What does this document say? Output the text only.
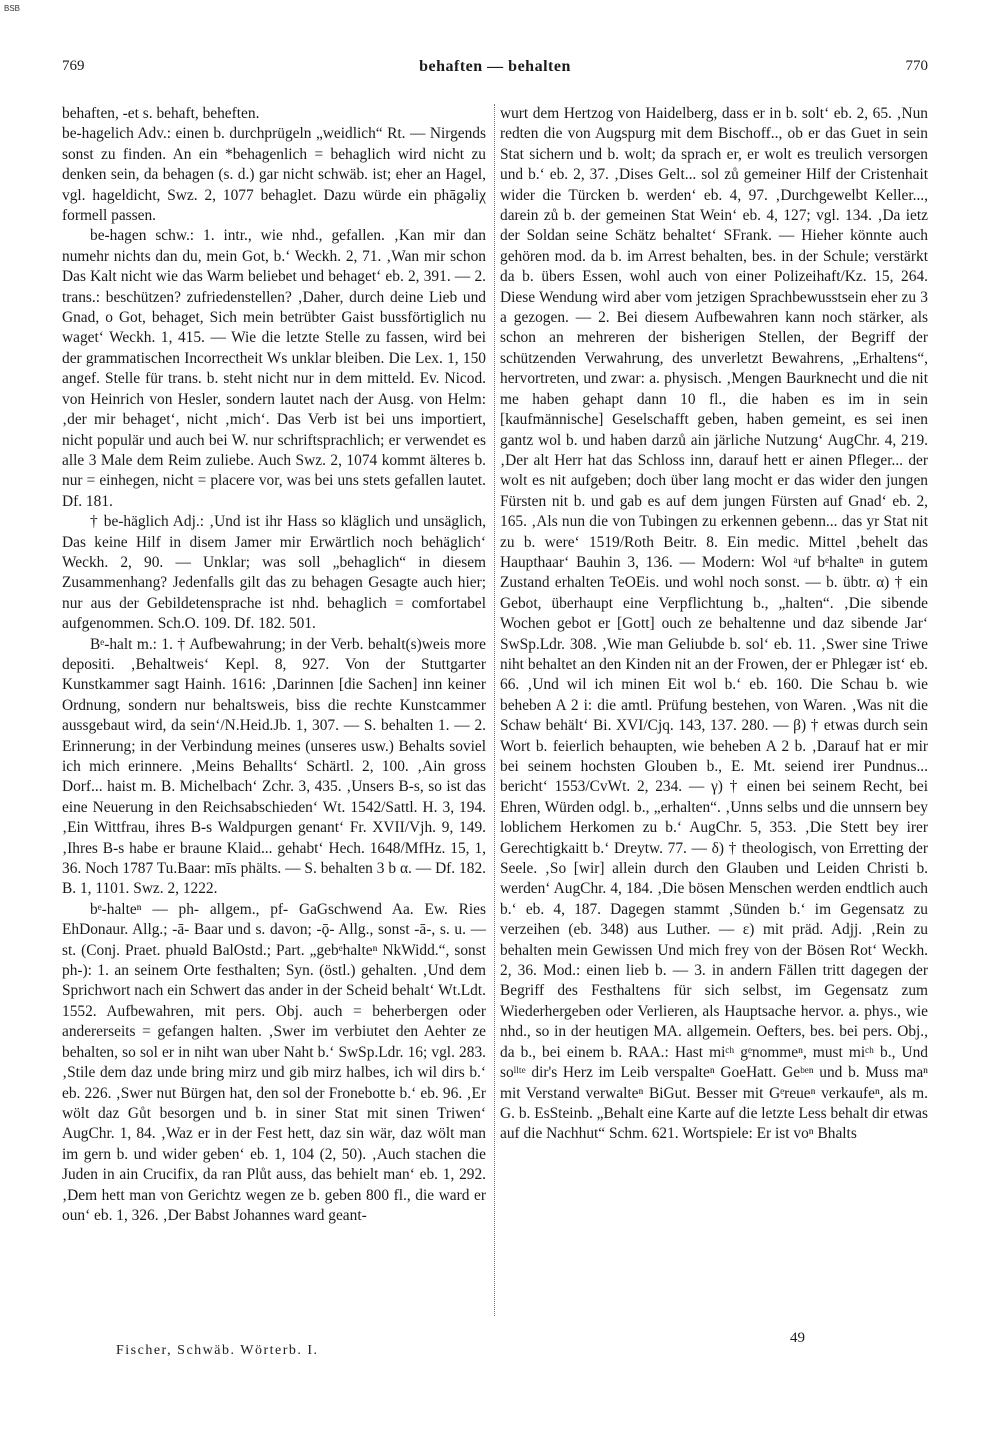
BSB
769	behaften — behalten	770

behaften, -et s. behaft, beheften.

be-hagelich Adv.: einen b. durchprügeln „weidlich“ Rt. — Nirgends sonst zu finden. An ein *behagenlich = behaglich wird nicht zu denken sein, da behagen (s. d.) gar nicht schwäb. ist; eher an Hagel, vgl. hageldicht, Swz. 2, 1077 behaglet. Dazu würde ein phāgəliχ formell passen.

be-hagen schw.: 1. intr., wie nhd., gefallen. ‚Kan mir dan numehr nichts dan du, mein Got, b.‘ Weckh. 2, 71. ‚Wan mir schon Das Kalt nicht wie das Warm beliebet und behaget‘ eb. 2, 391. — 2. trans.: beschützen? zufriedenstellen? ‚Daher, durch deine Lieb und Gnad, o Got, behaget, Sich mein betrübter Gaist bussförtiglich nu waget‘ Weckh. 1, 415. — Wie die letzte Stelle zu fassen, wird bei der grammatischen Incorrectheit Ws unklar bleiben. Die Lex. 1, 150 angef. Stelle für trans. b. steht nicht nur in dem mitteld. Ev. Nicod. von Heinrich von Hesler, sondern lautet nach der Ausg. von Helm: ‚der mir behaget‘, nicht ‚mich‘. Das Verb ist bei uns importiert, nicht populär und auch bei W. nur schriftsprachlich; er verwendet es alle 3 Male dem Reim zuliebe. Auch Swz. 2, 1074 kommt älteres b. nur = einhegen, nicht = placere vor, was bei uns stets gefallen lautet. Df. 181.

† be-häglich Adj.: ‚Und ist ihr Hass so kläglich und unsäglich, Das keine Hilf in disem Jamer mir Erwärtlich noch behäglich‘ Weckh. 2, 90. — Unklar; was soll „behaglich“ in diesem Zusammenhang? Jedenfalls gilt das zu behagen Gesagte auch hier; nur aus der Gebildetensprache ist nhd. behaglich = comfortabel aufgenommen. Sch.O. 109. Df. 182. 501.

Bᵉ-halt m.: 1. † Aufbewahrung; in der Verb. behalt(s)weis more depositi. ‚Behaltweis‘ Kepl. 8, 927. Von der Stuttgarter Kunstkammer sagt Hainh. 1616: ‚Darinnen [die Sachen] inn keiner Ordnung, sondern nur behaltsweis, biss die rechte Kunstcammer aussgebaut wird, da sein‘/N.Heid.Jb. 1, 307. — S. behalten 1. — 2. Erinnerung; in der Verbindung meines (unseres usw.) Behalts soviel ich mich erinnere. ‚Meins Behallts‘ Schärtl. 2, 100. ‚Ain gross Dorf... haist m. B. Michelbach‘ Zchr. 3, 435. ‚Unsers B-s, so ist das eine Neuerung in den Reichsabschieden‘ Wt. 1542/Sattl. H. 3, 194. ‚Ein Wittfrau, ihres B-s Waldpurgen genant‘ Fr. XVII/Vjh. 9, 149. ‚Ihres B-s habe er braune Klaid... gehabt‘ Hech. 1648/MfHz. 15, 1, 36. Noch 1787 Tu.Baar: mīs phälts. — S. behalten 3 b α. — Df. 182. B. 1, 1101. Swz. 2, 1222.

bᵉ-halteⁿ — ph- allgem., pf- GaGschwend Aa. Ew. Ries EhDonaur. Allg.; -ā- Baar und s. davon; -ǭ- Allg., sonst -ā-, s. u. — st. (Conj. Praet. phuəld BalOstd.; Part. „gebᵉhalteⁿ NkWidd.“, sonst ph-): 1. an seinem Orte festhalten; Syn. (östl.) gehalten. ‚Und dem Sprichwort nach ein Schwert das ander in der Scheid behalt‘ Wt.Ldt. 1552. Aufbewahren, mit pers. Obj. auch = beherbergen oder andererseits = gefangen halten. ‚Swer im verbiutet den Aehter ze behalten, so sol er in niht wan uber Naht b.‘ SwSp.Ldr. 16; vgl. 283. ‚Stile dem daz unde bring mirz und gib mirz halbes, ich wil dirs b.‘ eb. 226. ‚Swer nut Bürgen hat, den sol der Fronebotte b.‘ eb. 96. ‚Er wölt daz Gůt besorgen und b. in siner Stat mit sinen Triwen‘ AugChr. 1, 84. ‚Waz er in der Fest hett, daz sin wär, daz wölt man im gern b. und wider geben‘ eb. 1, 104 (2, 50). ‚Auch stachen die Juden in ain Crucifix, da ran Plůt auss, das behielt man‘ eb. 1, 292. ‚Dem hett man von Gerichtz wegen ze b. geben 800 fl., die ward er oun‘ eb. 1, 326. ‚Der Babst Johannes ward geant-

wurt dem Hertzog von Haidelberg, dass er in b. solt‘ eb. 2, 65. ‚Nun redten die von Augspurg mit dem Bischoff.., ob er das Guet in sein Stat sichern und b. wolt; da sprach er, er wolt es treulich versorgen und b.‘ eb. 2, 37. ‚Dises Gelt... sol zů gemeiner Hilf der Cristenhait wider die Türcken b. werden‘ eb. 4, 97. ‚Durchgewelbt Keller..., darein zů b. der gemeinen Stat Wein‘ eb. 4, 127; vgl. 134. ‚Da ietz der Soldan seine Schätz behaltet‘ SFrank. — Hieher könnte auch gehören mod. da b. im Arrest behalten, bes. in der Schule; verstärkt da b. übers Essen, wohl auch von einer Polizeihaft/Kz. 15, 264. Diese Wendung wird aber vom jetzigen Sprachbewusstsein eher zu 3 a gezogen. — 2. Bei diesem Aufbewahren kann noch stärker, als schon an mehreren der bisherigen Stellen, der Begriff der schützenden Verwahrung, des unverletzt Bewahrens, „Erhaltens“, hervortreten, und zwar: a. physisch. ‚Mengen Baurknecht und die nit me haben gehapt dann 10 fl., die haben es im in sein [kaufmännische] Geselschafft geben, haben gemeint, es sei inen gantz wol b. und haben darzů ain järliche Nutzung‘ AugChr. 4, 219. ‚Der alt Herr hat das Schloss inn, darauf hett er ainen Pfleger... der wolt es nit aufgeben; doch über lang mocht er das wider den jungen Fürsten nit b. und gab es auf dem jungen Fürsten auf Gnad‘ eb. 2, 165. ‚Als nun die von Tubingen zu erkennen gebenn... das yr Stat nit zu b. were‘ 1519/Roth Beitr. 8. Ein medic. Mittel ‚behelt das Haupthaar‘ Bauhin 3, 136. — Modern: Wol ᵃuf bᵉhalteⁿ in gutem Zustand erhalten TeOEis. und wohl noch sonst. — b. übtr. α) † ein Gebot, überhaupt eine Verpflichtung b., „halten“. ‚Die sibende Wochen gebot er [Gott] ouch ze behaltenne und daz sibende Jar‘ SwSp.Ldr. 308. ‚Wie man Geliubde b. sol‘ eb. 11. ‚Swer sine Triwe niht behaltet an den Kinden nit an der Frowen, der er Phlegær ist‘ eb. 66. ‚Und wil ich minen Eit wol b.‘ eb. 160. Die Schau b. wie beheben A 2 i: die amtl. Prüfung bestehen, von Waren. ‚Was nit die Schaw behält‘ Bi. XVI/Cjq. 143, 137. 280. — β) † etwas durch sein Wort b. feierlich behaupten, wie beheben A 2 b. ‚Darauf hat er mir bei seinem hochsten Glouben b., E. Mt. seiend irer Pundnus... bericht‘ 1553/CvWt. 2, 234. — γ) † einen bei seinem Recht, bei Ehren, Würden odgl. b., „erhalten“. ‚Unns selbs und die unnsern bey loblichem Herkomen zu b.‘ AugChr. 5, 353. ‚Die Stett bey irer Gerechtigkaitt b.‘ Dreytw. 77. — δ) † theologisch, von Erretting der Seele. ‚So [wir] allein durch den Glauben und Leiden Christi b. werden‘ AugChr. 4, 184. ‚Die bösen Menschen werden endtlich auch b.‘ eb. 4, 187. Dagegen stammt ‚Sünden b.‘ im Gegensatz zu verzeihen (eb. 348) aus Luther. — ε) mit präd. Adjj. ‚Rein zu behalten mein Gewissen Und mich frey von der Bösen Rot‘ Weckh. 2, 36. Mod.: einen lieb b. — 3. in andern Fällen tritt dagegen der Begriff des Festhaltens für sich selbst, im Gegensatz zum Wiederhergeben oder Verlieren, als Hauptsache hervor. a. phys., wie nhd., so in der heutigen MA. allgemein. Oefters, bes. bei pers. Obj., da b., bei einem b. RAA.: Hast miᶜʰ gᵉnommeⁿ, must miᶜʰ b., Und soˡˡᵗᵉ dir's Herz im Leib verspalteⁿ GoeHatt. Geᵇᵉⁿ und b. Muss maⁿ mit Verstand verwalteⁿ BiGut. Besser mit Gᵉreueⁿ verkaufeⁿ, als m. G. b. EsSteinb. „Behalt eine Karte auf die letzte Less behalt dir etwas auf die Nachhut“ Schm. 621. Wortspiele: Er ist voⁿ Bhalts

Fischer, Schwäb. Wörterb. I.
49
